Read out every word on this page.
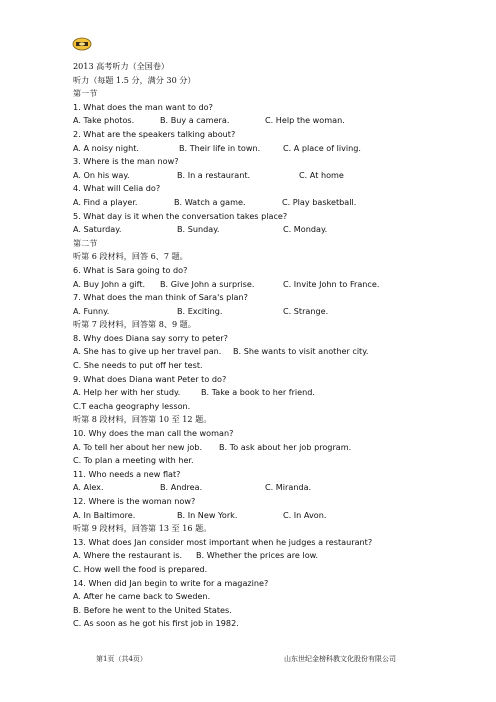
2013 高考听力（全国卷）
听力（每题 1.5 分，满分 30 分）
第一节
1. What does the man want to do?
A. Take photos.	B. Buy a camera.	C. Help the woman.
2. What are the speakers talking about?
A. A noisy night.	B. Their life in town.	C. A place of living.
3. Where is the man now?
A. On his way.	B. In a restaurant.	C. At home
4. What will Celia do?
A. Find a player.	B. Watch a game.	C. Play basketball.
5. What day is it when the conversation takes place?
A. Saturday.	B. Sunday.	C. Monday.
第二节
听第 6 段材料，回答 6、7 题。
6. What is Sara going to do?
A. Buy John a gift.	B. Give John a surprise.	C. Invite John to France.
7. What does the man think of Sara's plan?
A. Funny.	B. Exciting.	C. Strange.
听第 7 段材料，回答第 8、9 题。
8. Why does Diana say sorry to peter?
A. She has to give up her travel pan.	B. She wants to visit another city.
C. She needs to put off her test.
9. What does Diana want Peter to do?
A. Help her with her study.	B. Take a book to her friend.
C.T eacha geography lesson.
听第 8 段材料，回答第 10 至 12 题。
10. Why does the man call the woman?
A. To tell her about her new job.	B. To ask about her job program.
C. To plan a meeting with her.
11. Who needs a new flat?
A. Alex.	B. Andrea.	C. Miranda.
12. Where is the woman now?
A. In Baltimore.	B. In New York.	C. In Avon.
听第 9 段材料，回答第 13 至 16 题。
13. What does Jan consider most important when he judges a restaurant?
A. Where the restaurant is.	B. Whether the prices are low.
C. How well the food is prepared.
14. When did Jan begin to write for a magazine?
A. After he came back to Sweden.
B. Before he went to the United States.
C. As soon as he got his first job in 1982.
第1页（共4页）	山东世纪金榜科教文化股份有限公司
